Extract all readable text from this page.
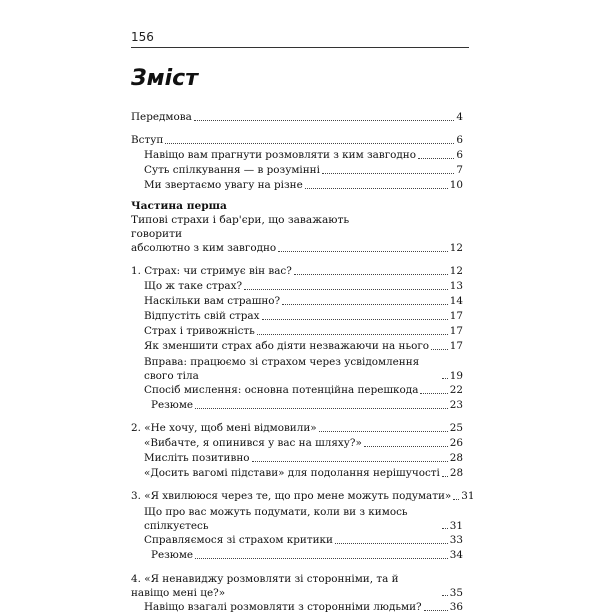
156
Зміст
Передмова	4
Вступ	6
Навіщо вам прагнути розмовляти з ким завгодно	6
Суть спілкування — в розумінні	7
Ми звертаємо увагу на різне	10
Частина перша
Типові страхи і бар'єри, що заважають говорити
абсолютно з ким завгодно	12
1. Страх: чи стримує він вас?	12
Що ж таке страх?	13
Наскільки вам страшно?	14
Відпустіть свій страх	17
Страх і тривожність	17
Як зменшити страх або діяти незважаючи на нього 17
Вправа: працюємо зі страхом через усвідомлення свого тіла	19
Спосіб мислення: основна потенційна перешкода	22
Резюме	23
2. «Не хочу, щоб мені відмовили»	25
«Вибачте, я опинився у вас на шляху?»	26
Мисліть позитивно	28
«Досить вагомі підстави» для подолання нерішучості 28
3. «Я хвилююся через те, що про мене можуть подумати» 31
Що про вас можуть подумати, коли ви з кимось спілкуєтесь	31
Справляємося зі страхом критики	33
Резюме	34
4. «Я ненавиджу розмовляти зі сторонніми, та й навіщо мені це?»	35
Навіщо взагалі розмовляти з сторонніми людьми?	36
